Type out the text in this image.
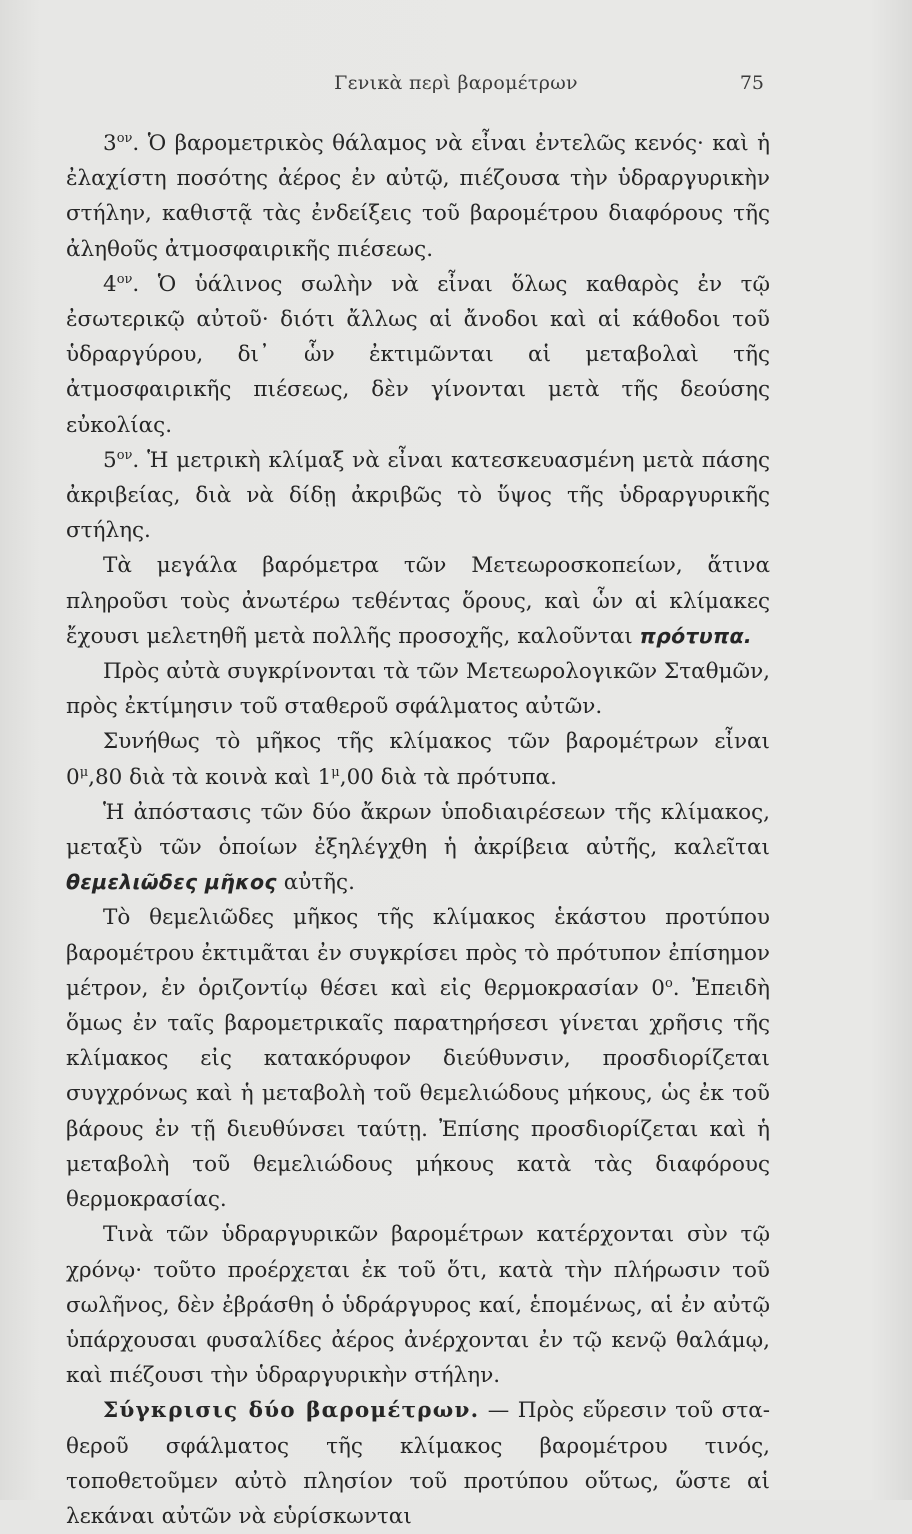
Γενικὰ περὶ βαρομέτρων	75

$3^{o\nu}$. Ὁ βαρομετρικὸς θάλαμος νὰ εἶναι ἐντελῶς κενός· καὶ ἡ ἐλαχίστη ποσότης ἀέρος ἐν αὐτῷ, πιέζουσα τὴν ὑδραργυρικὴν στήλην, καθιστᾷ τὰς ἐνδείξεις τοῦ βαρομέτρου διαφόρους τῆς ἀληθοῦς ἀτμοσφαιρικῆς πιέσεως.

$4^{o\nu}$. Ὁ ὑάλινος σωλὴν νὰ εἶναι ὅλως καθαρὸς ἐν τῷ ἐσωτερικῷ αὐτοῦ· διότι ἄλλως αἱ ἄνοδοι καὶ αἱ κάθοδοι τοῦ ὑδραργύρου, δι᾽ ὧν ἐκτιμῶνται αἱ μεταβολαὶ τῆς ἀτμοσφαιρικῆς πιέσεως, δὲν γίνονται μετὰ τῆς δεούσης εὐκολίας.

$5^{o\nu}$. Ἡ μετρικὴ κλίμαξ νὰ εἶναι κατεσκευασμένη μετὰ πάσης ἀκριβείας, διὰ νὰ δίδῃ ἀκριβῶς τὸ ὕψος τῆς ὑδραργυρικῆς στήλης.

Τὰ μεγάλα βαρόμετρα τῶν Μετεωροσκοπείων, ἅτινα πληροῦσι τοὺς ἀνωτέρω τεθέντας ὅρους, καὶ ὧν αἱ κλίμακες ἔχουσι μελετηθῆ μετὰ πολλῆς προσοχῆς, καλοῦνται πρότυπα.

Πρὸς αὐτὰ συγκρίνονται τὰ τῶν Μετεωρολογικῶν Σταθμῶν, πρὸς ἐκτίμησιν τοῦ σταθεροῦ σφάλματος αὐτῶν.

Συνήθως τὸ μῆκος τῆς κλίμακος τῶν βαρομέτρων εἶναι $0^\mu,80$ διὰ τὰ κοινὰ καὶ $1^\mu,00$ διὰ τὰ πρότυπα.

Ἡ ἀπόστασις τῶν δύο ἄκρων ὑποδιαιρέσεων τῆς κλίμακος, μεταξὺ τῶν ὁποίων ἐξηλέγχθη ἡ ἀκρίβεια αὐτῆς, καλεῖται θεμελιῶδες μῆκος αὐτῆς.

Τὸ θεμελιῶδες μῆκος τῆς κλίμακος ἑκάστου προτύπου βαρομέτρου ἐκτιμᾶται ἐν συγκρίσει πρὸς τὸ πρότυπον ἐπίσημον μέτρον, ἐν ὁριζοντίῳ θέσει καὶ εἰς θερμοκρασίαν 0$^o$. Ἐπειδὴ ὅμως ἐν ταῖς βαρομετρικαῖς παρατηρήσεσι γίνεται χρῆσις τῆς κλίμακος εἰς κατακόρυφον διεύθυνσιν, προσδιορίζεται συγχρόνως καὶ ἡ μεταβολὴ τοῦ θεμελιώδους μήκους, ὡς ἐκ τοῦ βάρους ἐν τῇ διευθύνσει ταύτῃ. Ἐπίσης προσδιορίζεται καὶ ἡ μεταβολὴ τοῦ θεμελιώδους μήκους κατὰ τὰς διαφόρους θερμοκρασίας.

Τινὰ τῶν ὑδραργυρικῶν βαρομέτρων κατέρχονται σὺν τῷ χρόνῳ· τοῦτο προέρχεται ἐκ τοῦ ὅτι, κατὰ τὴν πλήρωσιν τοῦ σωλῆνος, δὲν ἐβράσθη ὁ ὑδράργυρος καί, ἑπομένως, αἱ ἐν αὐτῷ ὑπάρχουσαι φυσαλίδες ἀέρος ἀνέρχονται ἐν τῷ κενῷ θαλάμῳ, καὶ πιέζουσι τὴν ὑδραργυρικὴν στήλην.

Σύγκρισις δύο βαρομέτρων. — Πρὸς εὕρεσιν τοῦ σταθεροῦ σφάλματος τῆς κλίμακος βαρομέτρου τινός, τοποθετοῦμεν αὐτὸ πλησίον τοῦ προτύπου οὕτως, ὥστε αἱ λεκάναι αὐτῶν νὰ εὑρίσκωνται
